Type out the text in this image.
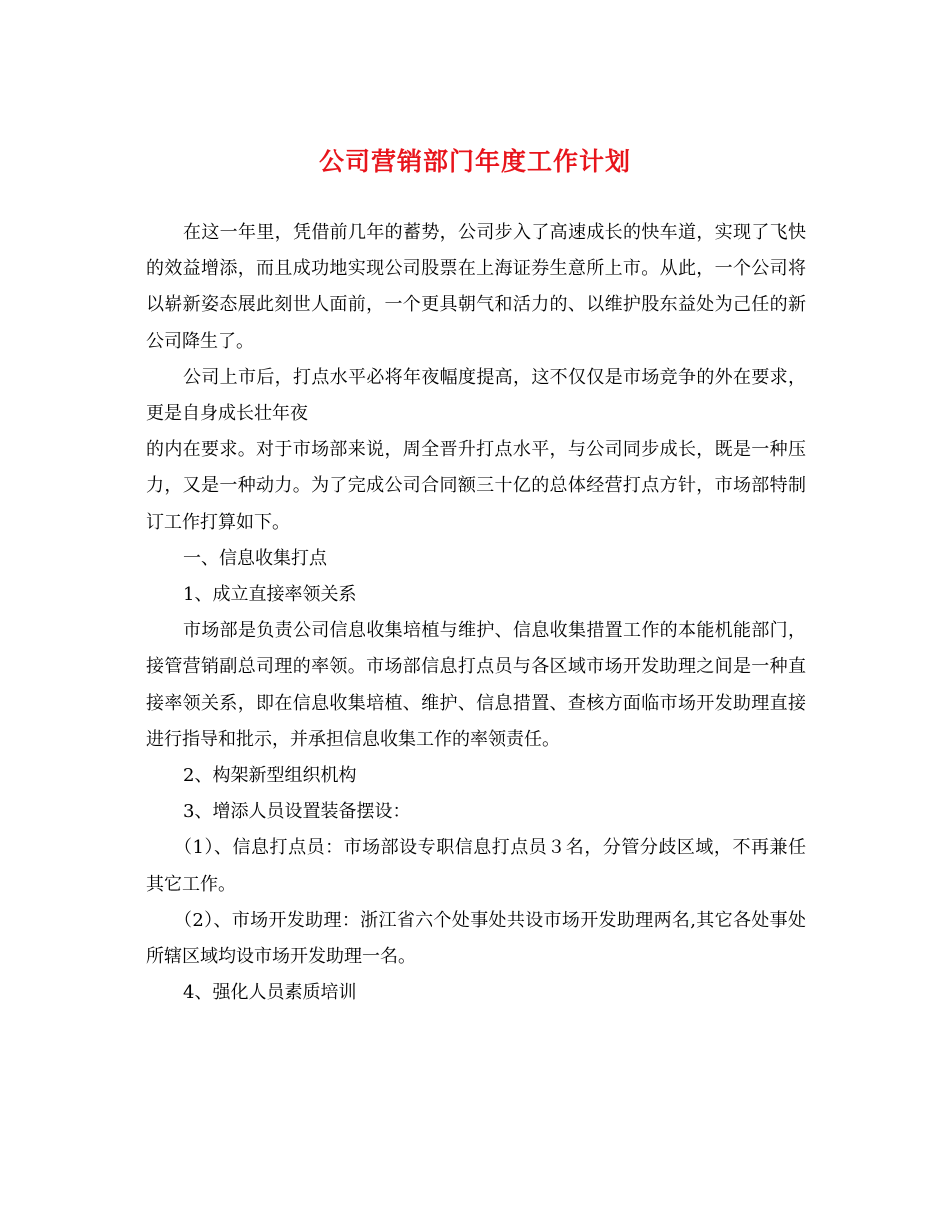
公司营销部门年度工作计划

在这一年里，凭借前几年的蓄势，公司步入了高速成长的快车道，实现了飞快的效益增添，而且成功地实现公司股票在上海证券生意所上市。从此，一个公司将以崭新姿态展此刻世人面前，一个更具朝气和活力的、以维护股东益处为己任的新公司降生了。

公司上市后，打点水平必将年夜幅度提高，这不仅仅是市场竞争的外在要求，更是自身成长壮年夜

的内在要求。对于市场部来说，周全晋升打点水平，与公司同步成长，既是一种压力，又是一种动力。为了完成公司合同额三十亿的总体经营打点方针，市场部特制订工作打算如下。

一、信息收集打点

1、成立直接率领关系

市场部是负责公司信息收集培植与维护、信息收集措置工作的本能机能部门，接管营销副总司理的率领。市场部信息打点员与各区域市场开发助理之间是一种直接率领关系，即在信息收集培植、维护、信息措置、查核方面临市场开发助理直接进行指导和批示，并承担信息收集工作的率领责任。

2、构架新型组织机构

3、增添人员设置装备摆设：

（1）、信息打点员：市场部设专职信息打点员３名，分管分歧区域，不再兼任其它工作。

（2）、市场开发助理：浙江省六个处事处共设市场开发助理两名,其它各处事处所辖区域均设市场开发助理一名。

4、强化人员素质培训
